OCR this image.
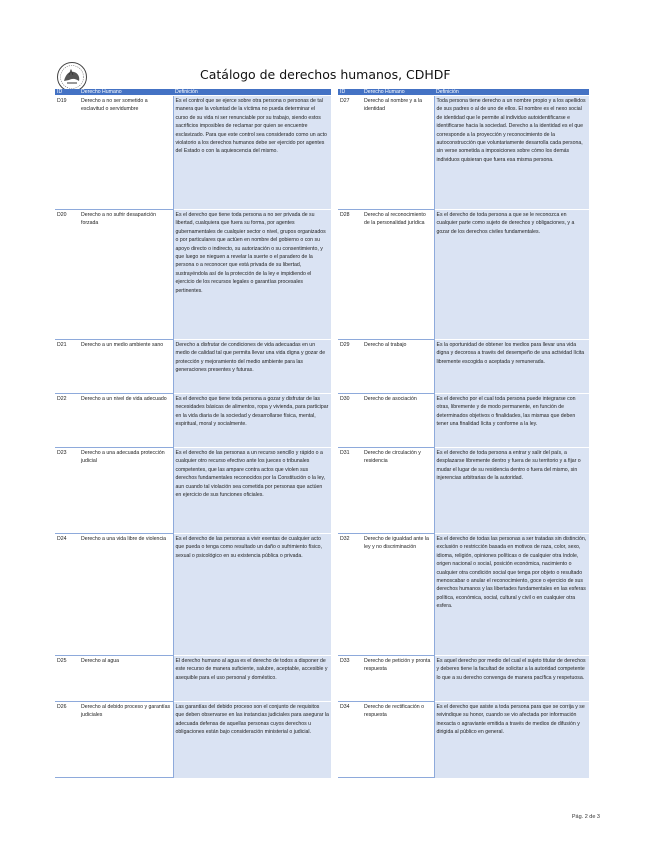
Catálogo de derechos humanos, CDHDF
ID	Derecho Humano	Definición
D19	Derecho a no ser sometido a esclavitud o servidumbre	Es el control que se ejerce sobre otra persona o personas de tal manera que la voluntad de la víctima no pueda determinar el curso de su vida ni ser renunciable por su trabajo, siendo estos sacrificios imposibles de reclamar por quien se encuentre esclavizado. Para que este control sea considerado como un acto violatorio a los derechos humanos debe ser ejercido por agentes del Estado o con la aquiescencia del mismo.
D20	Derecho a no sufrir desaparición forzada	Es el derecho que tiene toda persona a no ser privada de su libertad, cualquiera que fuera su forma, por agentes gubernamentales de cualquier sector o nivel, grupos organizados o por particulares que actúen en nombre del gobierno o con su apoyo directo o indirecto, su autorización o su consentimiento, y que luego se nieguen a revelar la suerte o el paradero de la persona o a reconocer que está privada de su libertad, sustrayéndola así de la protección de la ley e impidiendo el ejercicio de los recursos legales o garantías procesales pertinentes.
D21	Derecho a un medio ambiente sano	Derecho a disfrutar de condiciones de vida adecuadas en un medio de calidad tal que permita llevar una vida digna y gozar de protección y mejoramiento del medio ambiente para las generaciones presentes y futuras.
D22	Derecho a un nivel de vida adecuado	Es el derecho que tiene toda persona a gozar y disfrutar de las necesidades básicas de alimentos, ropa y vivienda, para participar en la vida diaria de la sociedad y desarrollarse física, mental, espiritual, moral y socialmente.
D23	Derecho a una adecuada protección judicial	Es el derecho de las personas a un recurso sencillo y rápido o a cualquier otro recurso efectivo ante los jueces o tribunales competentes, que las ampare contra actos que violen sus derechos fundamentales reconocidos por la Constitución o la ley, aun cuando tal violación sea cometida por personas que actúen en ejercicio de sus funciones oficiales.
D24	Derecho a una vida libre de violencia	Es el derecho de las personas a vivir exentas de cualquier acto que pueda o tenga como resultado un daño o sufrimiento físico, sexual o psicológico en su existencia pública o privada.
D25	Derecho al agua	El derecho humano al agua es el derecho de todos a disponer de este recurso de manera suficiente, salubre, aceptable, accesible y asequible para el uso personal y doméstico.
D26	Derecho al debido proceso y garantías judiciales	Las garantías del debido proceso son el conjunto de requisitos que deben observarse en las instancias judiciales para asegurar la adecuada defensa de aquellas personas cuyos derechos u obligaciones están bajo consideración ministerial o judicial.
ID	Derecho Humano	Definición
D27	Derecho al nombre y a la identidad	Toda persona tiene derecho a un nombre propio y a los apellidos de sus padres o al de uno de ellos. El nombre es el nexo social de identidad que le permite al individuo autoidentificarse e identificarse hacia la sociedad. Derecho a la identidad es el que corresponde a la proyección y reconocimiento de la autoconstrucción que voluntariamente desarrolla cada persona, sin verse sometida a imposiciones sobre cómo los demás individuos quisieran que fuera esa misma persona.
D28	Derecho al reconocimiento de la personalidad jurídica	Es el derecho de toda persona a que se le reconozca en cualquier parte como sujeto de derechos y obligaciones, y a gozar de los derechos civiles fundamentales.
D29	Derecho al trabajo	Es la oportunidad de obtener los medios para llevar una vida digna y decorosa a través del desempeño de una actividad lícita libremente escogida o aceptada y remunerada.
D30	Derecho de asociación	Es el derecho por el cual toda persona puede integrarse con otras, libremente y de modo permanente, en función de determinados objetivos o finalidades, las mismas que deben tener una finalidad lícita y conforme a la ley.
D31	Derecho de circulación y residencia	Es el derecho de toda persona a entrar y salir del país, a desplazarse libremente dentro y fuera de su territorio y a fijar o mudar el lugar de su residencia dentro o fuera del mismo, sin injerencias arbitrarias de la autoridad.
D32	Derecho de igualdad ante la ley y no discriminación	Es el derecho de todas las personas a ser tratadas sin distinción, exclusión o restricción basada en motivos de raza, color, sexo, idioma, religión, opiniones políticas o de cualquier otra índole, origen nacional o social, posición económica, nacimiento o cualquier otra condición social que tenga por objeto o resultado menoscabar o anular el reconocimiento, goce o ejercicio de sus derechos humanos y las libertades fundamentales en las esferas política, económica, social, cultural y civil o en cualquier otra esfera.
D33	Derecho de petición y pronta respuesta	Es aquel derecho por medio del cual el sujeto titular de derechos y deberes tiene la facultad de solicitar a la autoridad competente lo que a su derecho convenga de manera pacífica y respetuosa.
D34	Derecho de rectificación o respuesta	Es el derecho que asiste a toda persona para que se corrija y se reivindique su honor, cuando se vio afectada por información inexacta o agraviante emitida a través de medios de difusión y dirigida al público en general.
Pág. 2 de 3
